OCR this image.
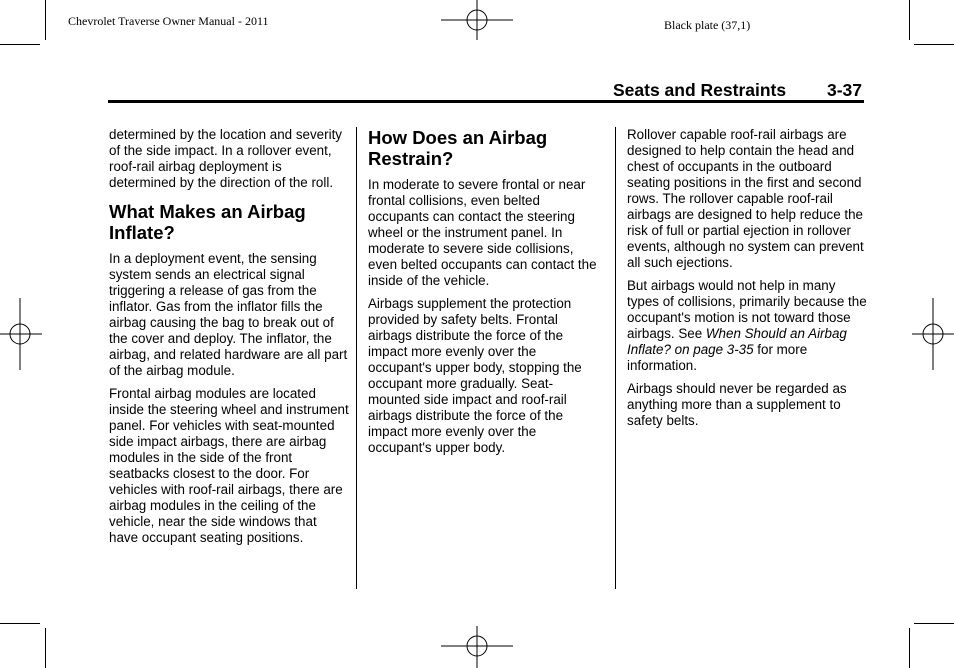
Chevrolet Traverse Owner Manual - 2011	Black plate (37,1)
Seats and Restraints 3-37

determined by the location and severity of the side impact. In a rollover event, roof-rail airbag deployment is determined by the direction of the roll.

What Makes an Airbag Inflate?

In a deployment event, the sensing system sends an electrical signal triggering a release of gas from the inflator. Gas from the inflator fills the airbag causing the bag to break out of the cover and deploy. The inflator, the airbag, and related hardware are all part of the airbag module.

Frontal airbag modules are located inside the steering wheel and instrument panel. For vehicles with seat-mounted side impact airbags, there are airbag modules in the side of the front seatbacks closest to the door. For vehicles with roof-rail airbags, there are airbag modules in the ceiling of the vehicle, near the side windows that have occupant seating positions.

How Does an Airbag Restrain?

In moderate to severe frontal or near frontal collisions, even belted occupants can contact the steering wheel or the instrument panel. In moderate to severe side collisions, even belted occupants can contact the inside of the vehicle.

Airbags supplement the protection provided by safety belts. Frontal airbags distribute the force of the impact more evenly over the occupant's upper body, stopping the occupant more gradually. Seat-mounted side impact and roof-rail airbags distribute the force of the impact more evenly over the occupant's upper body.

Rollover capable roof-rail airbags are designed to help contain the head and chest of occupants in the outboard seating positions in the first and second rows. The rollover capable roof-rail airbags are designed to help reduce the risk of full or partial ejection in rollover events, although no system can prevent all such ejections.

But airbags would not help in many types of collisions, primarily because the occupant's motion is not toward those airbags. See When Should an Airbag Inflate? on page 3-35 for more information.

Airbags should never be regarded as anything more than a supplement to safety belts.
